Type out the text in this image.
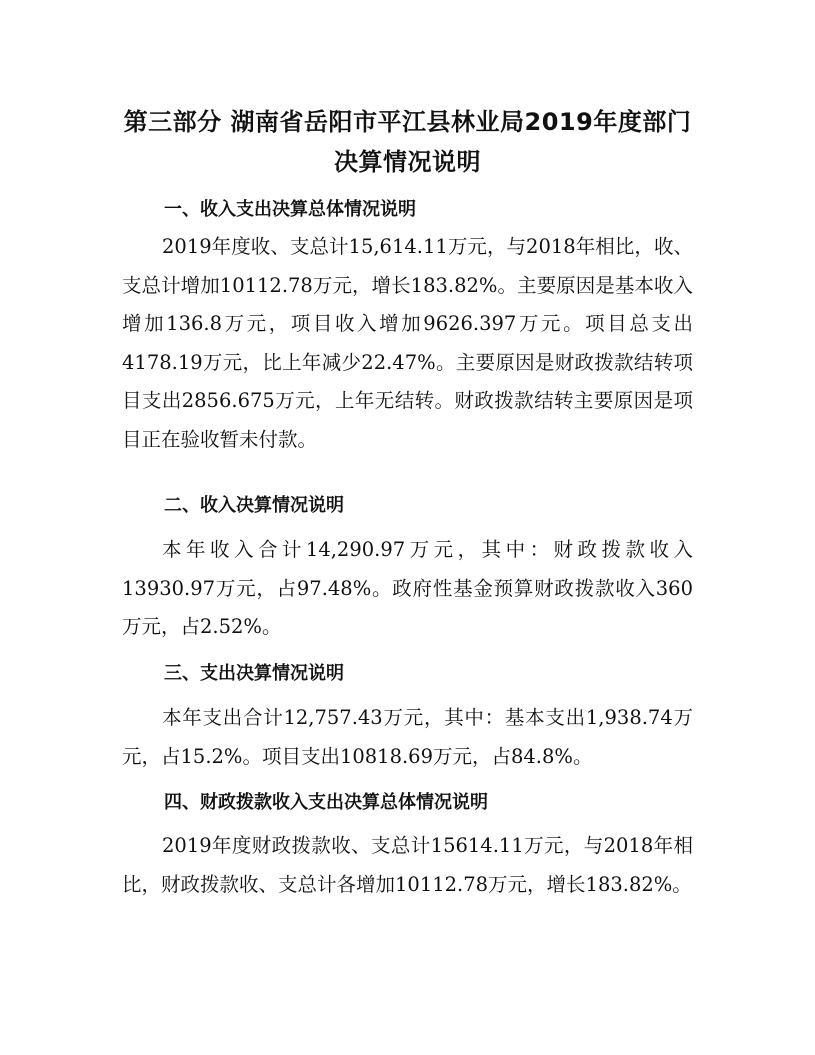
第三部分 湖南省岳阳市平江县林业局2019年度部门
决算情况说明
一、收入支出决算总体情况说明

2019年度收、支总计15,614.11万元，与2018年相比，收、支总计增加10112.78万元，增长183.82%。主要原因是基本收入增加136.8万元，项目收入增加9626.397万元。项目总支出4178.19万元，比上年减少22.47%。主要原因是财政拨款结转项目支出2856.675万元，上年无结转。财政拨款结转主要原因是项目正在验收暂未付款。

二、收入决算情况说明

本年收入合计14,290.97万元，其中：财政拨款收入13930.97万元，占97.48%。政府性基金预算财政拨款收入360万元，占2.52%。

三、支出决算情况说明

本年支出合计12,757.43万元，其中：基本支出1,938.74万元，占15.2%。项目支出10818.69万元，占84.8%。

四、财政拨款收入支出决算总体情况说明

2019年度财政拨款收、支总计15614.11万元，与2018年相比，财政拨款收、支总计各增加10112.78万元，增长183.82%。
